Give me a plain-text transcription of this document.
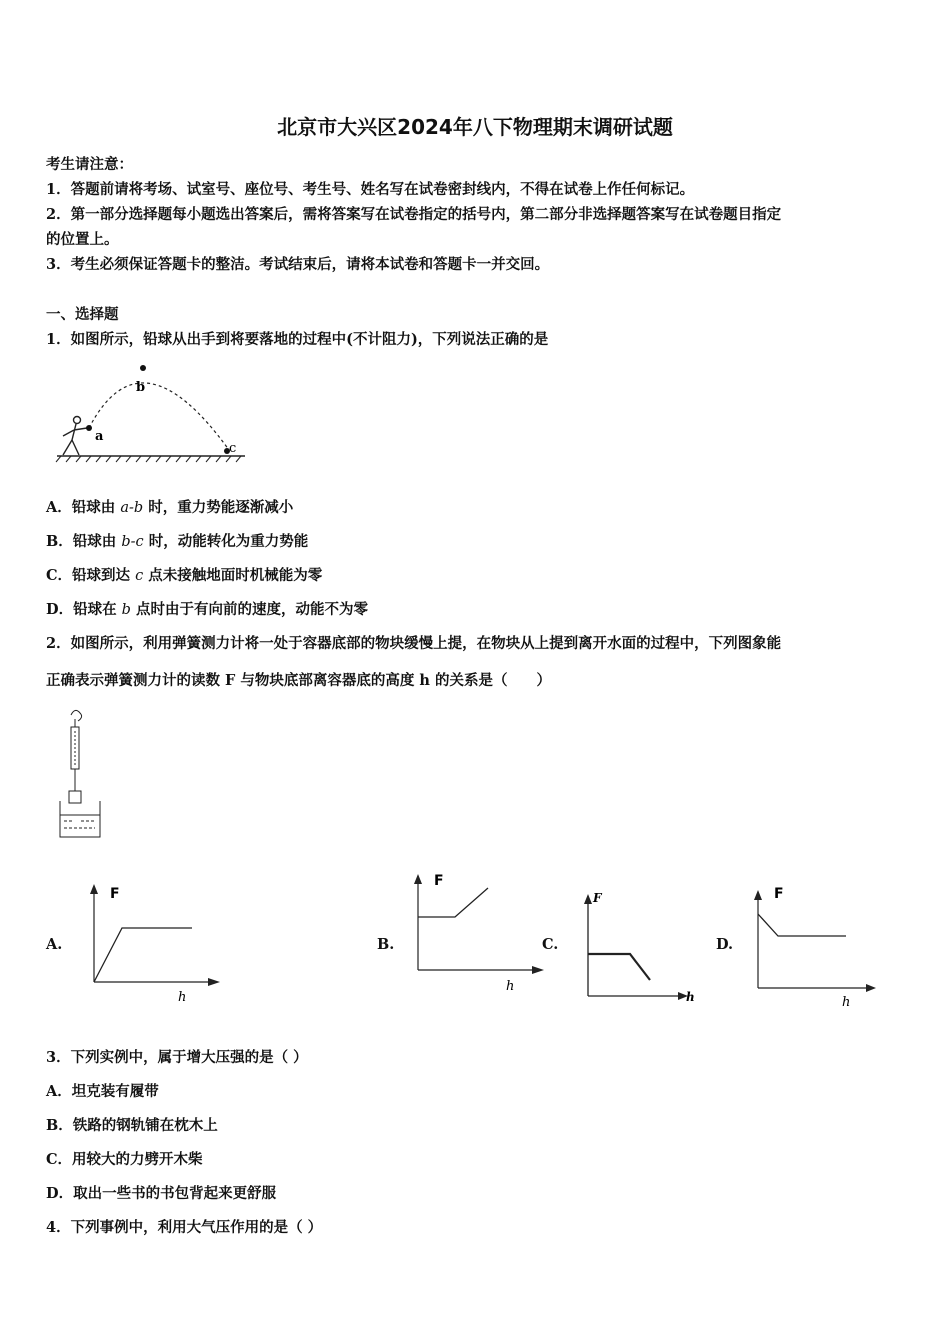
北京市大兴区2024年八下物理期末调研试题
考生请注意：
1．答题前请将考场、试室号、座位号、考生号、姓名写在试卷密封线内，不得在试卷上作任何标记。
2．第一部分选择题每小题选出答案后，需将答案写在试卷指定的括号内，第二部分非选择题答案写在试卷题目指定
的位置上。
3．考生必须保证答题卡的整洁。考试结束后，请将本试卷和答题卡一并交回。
一、选择题
1．如图所示，铅球从出手到将要落地的过程中(不计阻力)，下列说法正确的是
a
b
c
A．铅球由 a-b 时，重力势能逐渐减小
B．铅球由 b-c 时，动能转化为重力势能
C．铅球到达 c 点未接触地面时机械能为零
D．铅球在 b 点时由于有向前的速度，动能不为零
2．如图所示，利用弹簧测力计将一处于容器底部的物块缓慢上提，在物块从上提到离开水面的过程中，下列图象能
正确表示弹簧测力计的读数 F 与物块底部离容器底的高度 h 的关系是（　　）
A.
F
h
B.
F
h
C.
F
h
D.
F
h
3．下列实例中，属于增大压强的是（ ）
A．坦克装有履带
B．铁路的钢轨铺在枕木上
C．用较大的力劈开木柴
D．取出一些书的书包背起来更舒服
4．下列事例中，利用大气压作用的是（ ）
